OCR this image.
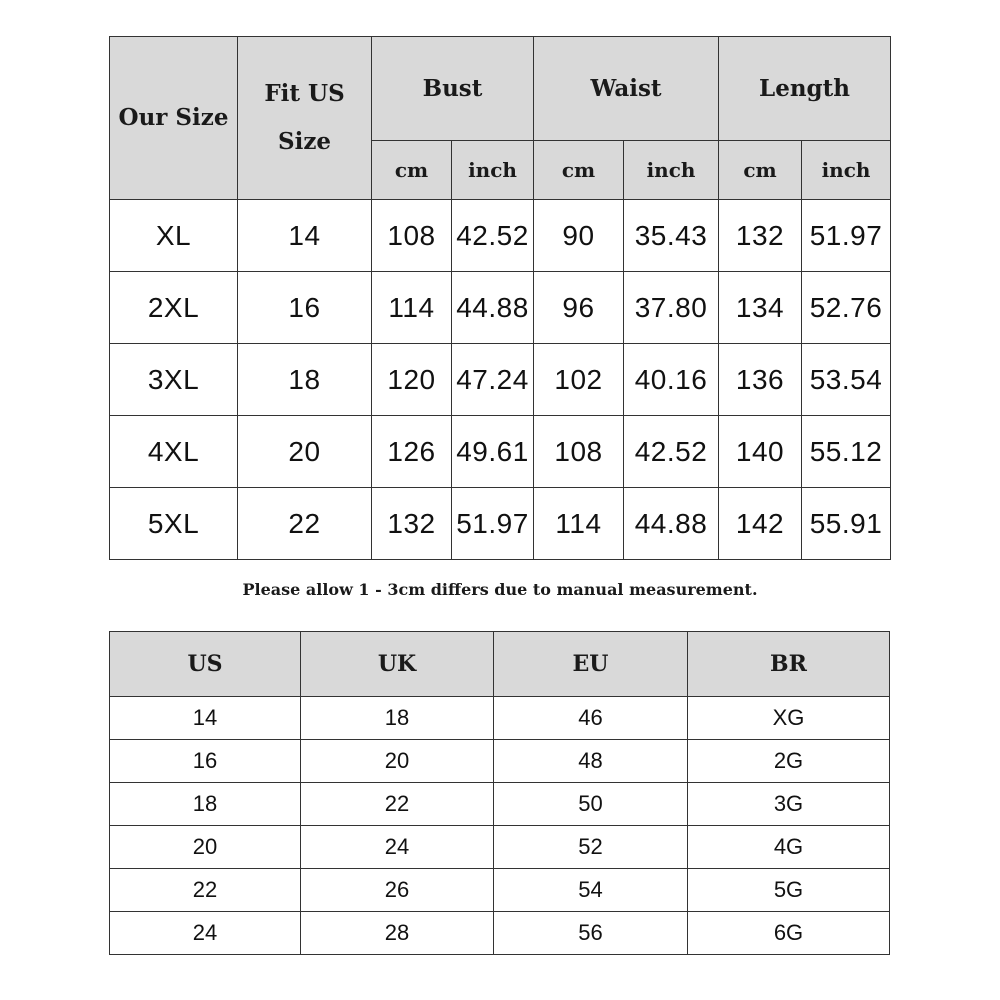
Our Size	Fit US Size	Bust		Waist		Length	
		cm	inch	cm	inch	cm	inch
XL	14	108	42.52	90	35.43	132	51.97
2XL	16	114	44.88	96	37.80	134	52.76
3XL	18	120	47.24	102	40.16	136	53.54
4XL	20	126	49.61	108	42.52	140	55.12
5XL	22	132	51.97	114	44.88	142	55.91
Please allow 1 - 3cm differs due to manual measurement.
US	UK	EU	BR
14	18	46	XG
16	20	48	2G
18	22	50	3G
20	24	52	4G
22	26	54	5G
24	28	56	6G
